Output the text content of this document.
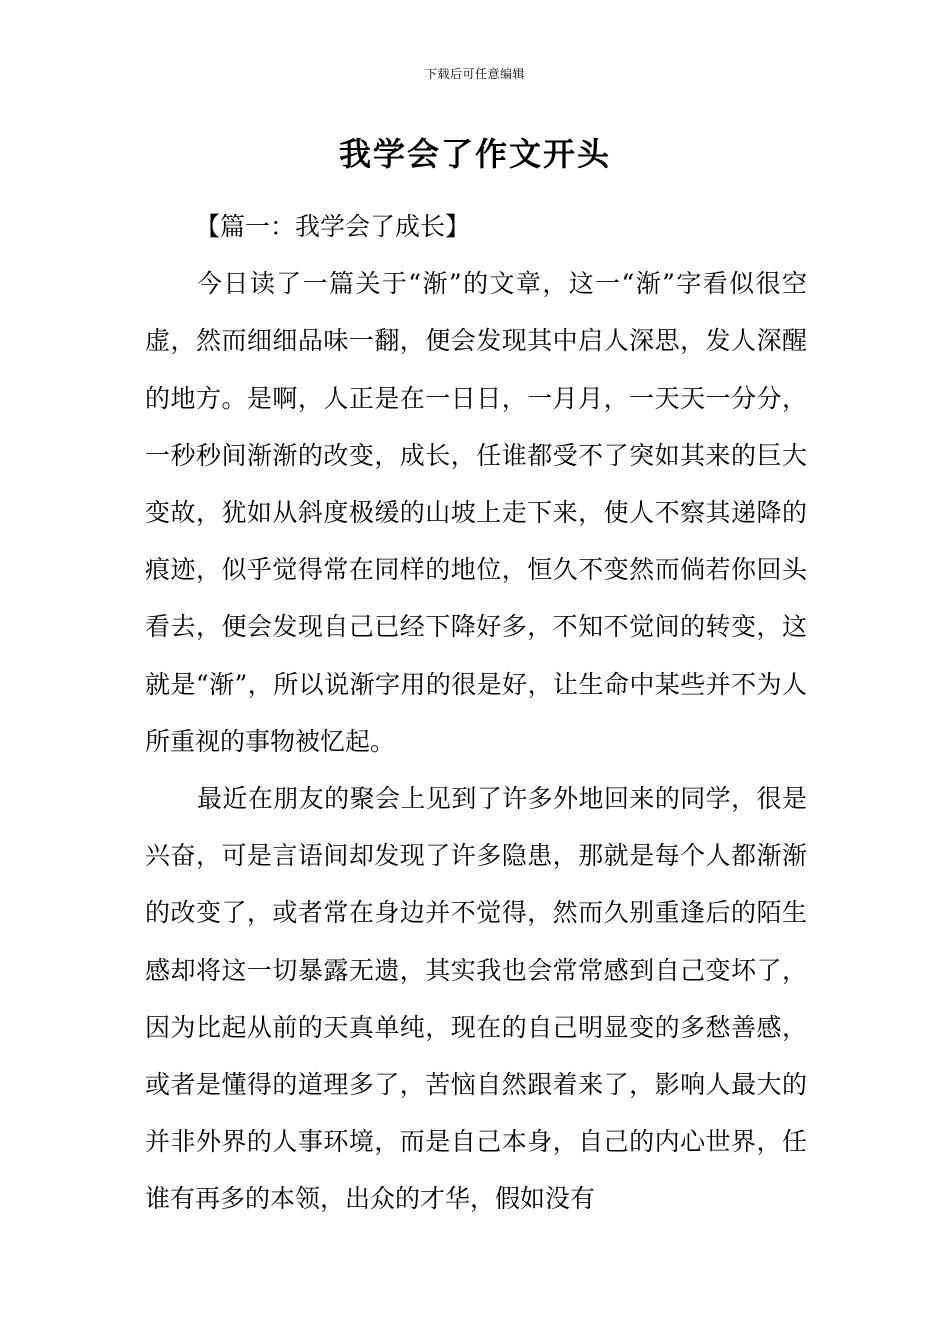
下载后可任意编辑
我学会了作文开头

【篇一：我学会了成长】

今日读了一篇关于“渐”的文章，这一“渐”字看似很空虚，然而细细品味一翻，便会发现其中启人深思，发人深醒的地方。是啊，人正是在一日日，一月月，一天天一分分，一秒秒间渐渐的改变，成长，任谁都受不了突如其来的巨大变故，犹如从斜度极缓的山坡上走下来，使人不察其递降的痕迹，似乎觉得常在同样的地位，恒久不变然而倘若你回头看去，便会发现自己已经下降好多，不知不觉间的转变，这就是“渐”，所以说渐字用的很是好，让生命中某些并不为人所重视的事物被忆起。

最近在朋友的聚会上见到了许多外地回来的同学，很是兴奋，可是言语间却发现了许多隐患，那就是每个人都渐渐的改变了，或者常在身边并不觉得，然而久别重逢后的陌生感却将这一切暴露无遗，其实我也会常常感到自己变坏了，因为比起从前的天真单纯，现在的自己明显变的多愁善感，或者是懂得的道理多了，苦恼自然跟着来了，影响人最大的并非外界的人事环境，而是自己本身，自己的内心世界，任谁有再多的本领，出众的才华，假如没有
